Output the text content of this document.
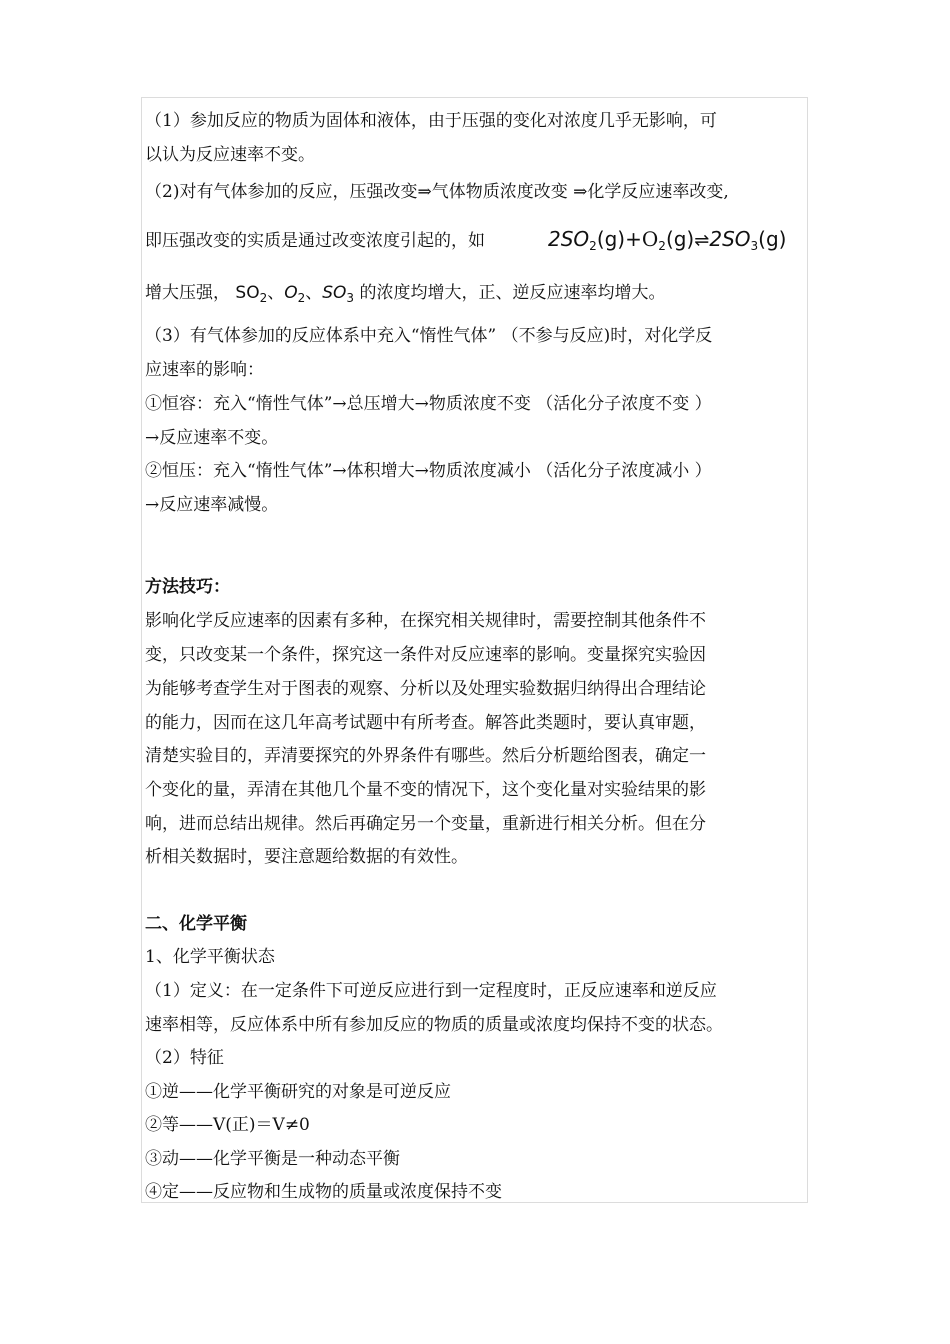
（1）参加反应的物质为固体和液体，由于压强的变化对浓度几乎无影响，可
以认为反应速率不变。
（2)对有气体参加的反应，压强改变⇒气体物质浓度改变 ⇒化学反应速率改变,
即压强改变的实质是通过改变浓度引起的，如	$2SO_2(g)+O_2(g)\rightleftharpoons 2SO_3(g)$
增大压强， $SO_2$、$O_2$、$SO_3$ 的浓度均增大，正、逆反应速率均增大。
（3）有气体参加的反应体系中充入“惰性气体” （不参与反应)时，对化学反
应速率的影响：
①恒容：充入“惰性气体”→总压增大→物质浓度不变 （活化分子浓度不变 ）
→反应速率不变。
②恒压：充入“惰性气体”→体积增大→物质浓度减小 （活化分子浓度减小 ）
→反应速率减慢。
方法技巧：
影响化学反应速率的因素有多种，在探究相关规律时，需要控制其他条件不
变，只改变某一个条件，探究这一条件对反应速率的影响。变量探究实验因
为能够考查学生对于图表的观察、分析以及处理实验数据归纳得出合理结论
的能力，因而在这几年高考试题中有所考查。解答此类题时，要认真审题，
清楚实验目的，弄清要探究的外界条件有哪些。然后分析题给图表，确定一
个变化的量，弄清在其他几个量不变的情况下，这个变化量对实验结果的影
响，进而总结出规律。然后再确定另一个变量，重新进行相关分析。但在分
析相关数据时，要注意题给数据的有效性。
二、化学平衡
1、化学平衡状态
（1）定义：在一定条件下可逆反应进行到一定程度时，正反应速率和逆反应
速率相等，反应体系中所有参加反应的物质的质量或浓度均保持不变的状态。
（2）特征
①逆——化学平衡研究的对象是可逆反应
②等——V(正)＝V≠0
③动——化学平衡是一种动态平衡
④定——反应物和生成物的质量或浓度保持不变
